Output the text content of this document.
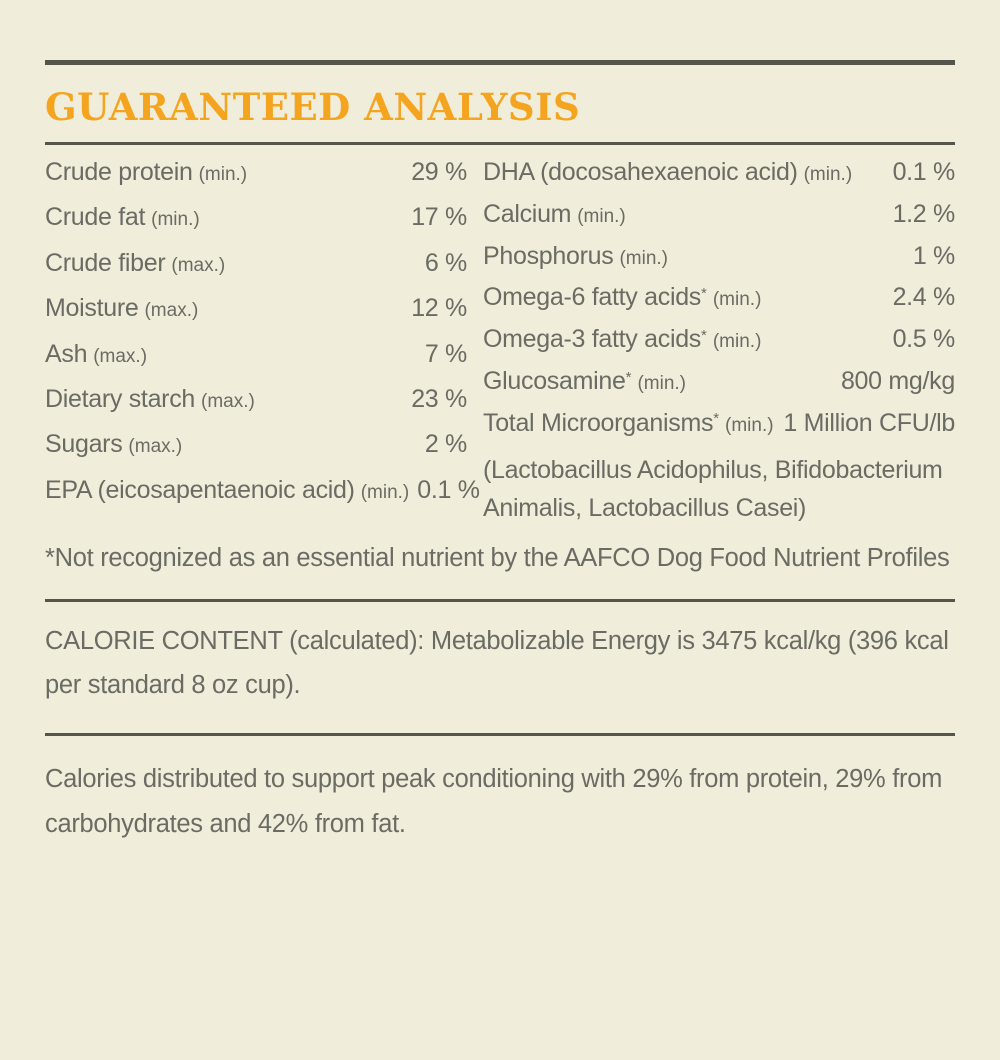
GUARANTEED ANALYSIS
Crude protein (min.)	29 %
Crude fat (min.)	17 %
Crude fiber (max.)	6 %
Moisture (max.)	12 %
Ash (max.)	7 %
Dietary starch (max.)	23 %
Sugars (max.)	2 %
EPA (eicosapentaenoic acid) (min.) 0.1 %
DHA (docosahexaenoic acid) (min.) 0.1 %
Calcium (min.)	1.2 %
Phosphorus (min.)	1 %
Omega-6 fatty acids* (min.)	2.4 %
Omega-3 fatty acids* (min.)	0.5 %
Glucosamine* (min.)	800 mg/kg
Total Microorganisms* (min.) 1 Million CFU/lb
(Lactobacillus Acidophilus, Bifidobacterium Animalis, Lactobacillus Casei)
*Not recognized as an essential nutrient by the AAFCO Dog Food Nutrient Profiles

CALORIE CONTENT (calculated): Metabolizable Energy is 3475 kcal/kg (396 kcal per standard 8 oz cup).

Calories distributed to support peak conditioning with 29% from protein, 29% from carbohydrates and 42% from fat.
